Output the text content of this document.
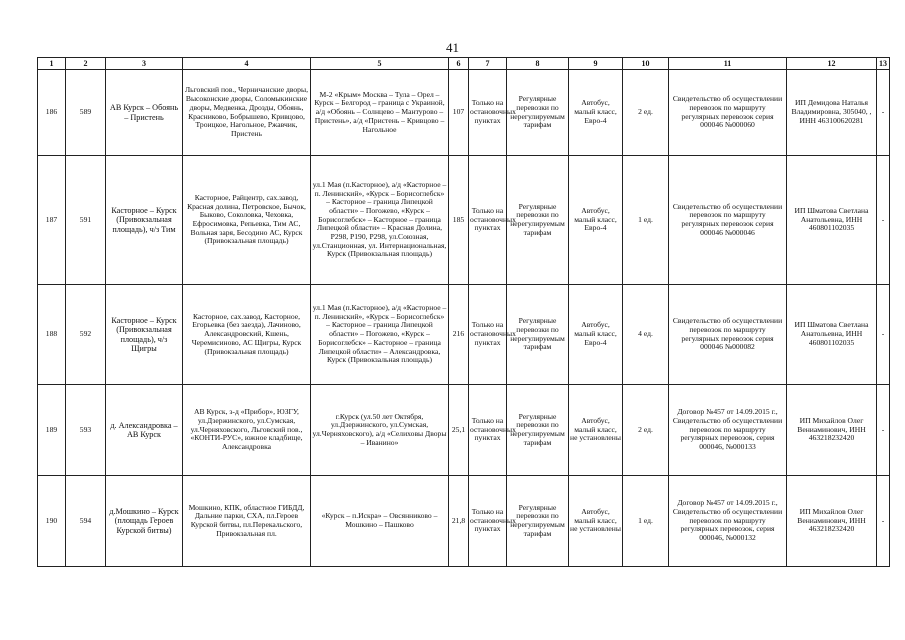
41
1	2	3	4	5	6	7	8	9	10	11	12	13
186	589	АВ Курск – Обоянь – Пристень	Льговский пов., Черничанские дворы, Высоконские дворы, Соломыкинские дворы, Медвенка, Дрозды, Обоянь, Красниково, Бобрышево, Кривцово, Троицкое, Нагольное, Ржавчик, Пристень	М-2 «Крым» Москва – Тула – Орел – Курск – Белгород – граница с Украиной, а/д «Обоянь – Солнцево – Мантурово – Пристень», а/д «Пристень – Кривцово – Нагольное	107	Только на остановочных пунктах	Регулярные перевозки по нерегулируемым тарифам	Автобус, малый класс, Евро-4	2 ед.	Свидетельство об осуществлении перевозок по маршруту регулярных перевозок серия 000046 №000060	ИП Демидова Наталья Владимировна, 305040, , ИНН 463100620281	-
187	591	Касторное – Курск (Привокзальная площадь), ч/з Тим	Касторное, Райцентр, сах.завод, Красная долина, Петровское, Бычок, Быково, Соколовка, Чеховка, Ефросимовка, Репьевка, Тим АС, Вольная заря, Бесодино АС, Курск (Привокзальная площадь)	ул.1 Мая (п.Касторное), а/д «Касторное – п. Ленинский», «Курск – Борисоглебск» – Касторное – граница Липецкой области» – Погожево, «Курск – Борисоглебск» – Касторное – граница Липецкой области» – Красная Долина, Р298, Р190, Р298, ул.Союзная, ул.Станционная, ул. Интернациональная, Курск (Привокзальная площадь)	185	Только на остановочных пунктах	Регулярные перевозки по нерегулируемым тарифам	Автобус, малый класс, Евро-4	1 ед.	Свидетельство об осуществлении перевозок по маршруту регулярных перевозок серия 000046 №000046	ИП Шматова Светлана Анатольевна, ИНН 460801102035	-
188	592	Касторное – Курск (Привокзальная площадь), ч/з Щигры	Касторное, сах.завод, Касторное, Егорьевка (без заезда), Лачиново, Александровский, Кшень, Черемисиново, АС Щигры, Курск (Привокзальная площадь)	ул.1 Мая (п.Касторное), а/д «Касторное – п. Ленинский», «Курск – Борисоглебск» – Касторное – граница Липецкой области» – Погожево, «Курск – Борисоглебск» – Касторное – граница Липецкой области» – Александровка, Курск (Привокзальная площадь)	216	Только на остановочных пунктах	Регулярные перевозки по нерегулируемым тарифам	Автобус, малый класс, Евро-4	4 ед.	Свидетельство об осуществлении перевозок по маршруту регулярных перевозок серия 000046 №000082	ИП Шматова Светлана Анатольевна, ИНН 460801102035	-
189	593	д. Александровка – АВ Курск	АВ Курск, з-д «Прибор», ЮЗГУ, ул.Дзержинского, ул.Сумская, ул.Черняховского, Льговский пов., «КОНТИ-РУС», южное кладбище, Александровка	г.Курск (ул.50 лет Октября, ул.Дзержинского, ул.Сумская, ул.Черняховского), а/д «Селиховы Дворы – Иванино»	25,1	Только на остановочных пунктах	Регулярные перевозки по нерегулируемым тарифам	Автобус, малый класс, не установлены	2 ед.	Договор №457 от 14.09.2015 г., Свидетельство об осуществлении перевозок по маршруту регулярных перевозок, серия 000046, №000133	ИП Михайлов Олег Вениаминович, ИНН 463218232420	-
190	594	д.Мошкино – Курск (площадь Героев Курской битвы)	Мошкино, КПК, областное ГИБДД, Дальние парки, СХА, пл.Героев Курской битвы, пл.Перекальского, Привокзальная пл.	«Курск – п.Искра» – Овсянниково – Мошкино – Пашково	21,8	Только на остановочных пунктах	Регулярные перевозки по нерегулируемым тарифам	Автобус, малый класс, не установлены	1 ед.	Договор №457 от 14.09.2015 г., Свидетельство об осуществлении перевозок по маршруту регулярных перевозок, серия 000046, №000132	ИП Михайлов Олег Вениаминович, ИНН 463218232420	-
